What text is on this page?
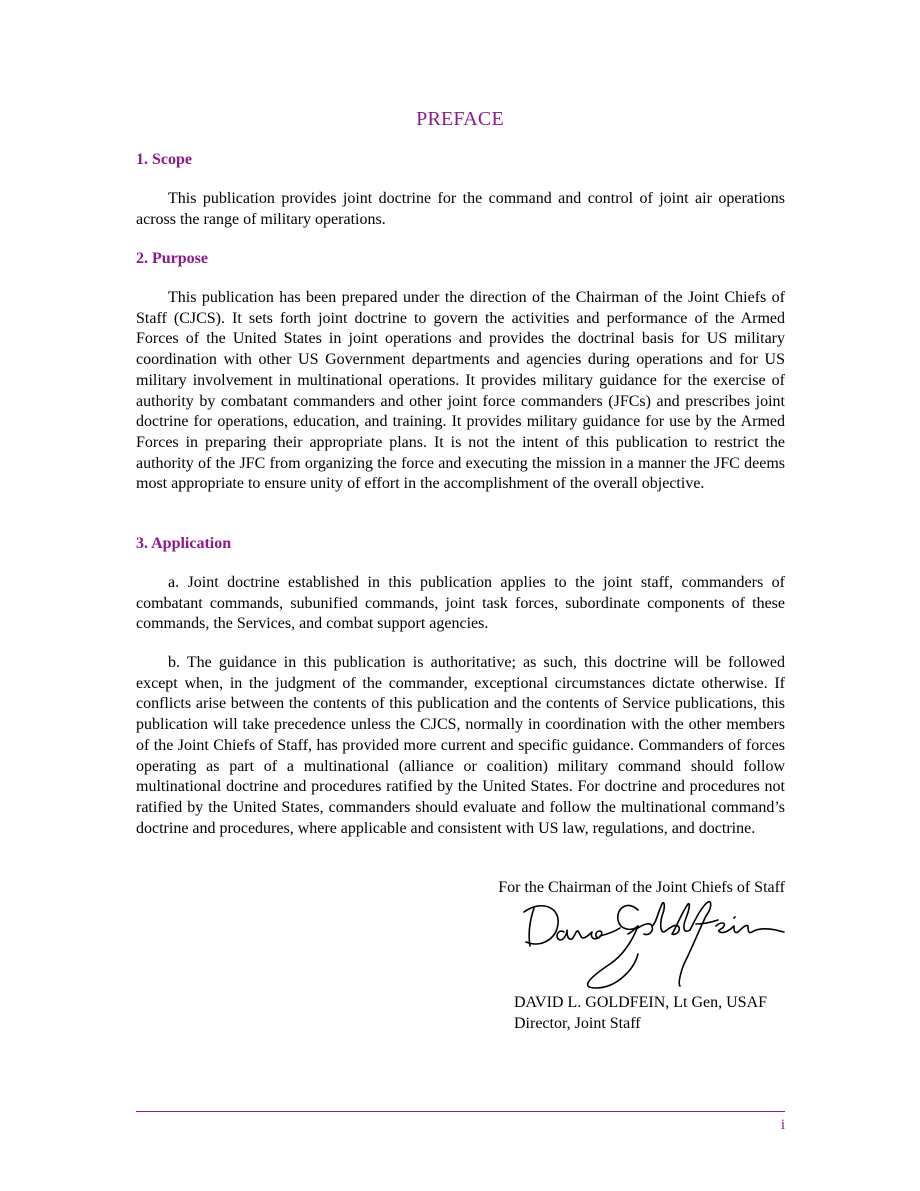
PREFACE
1. Scope

This publication provides joint doctrine for the command and control of joint air operations across the range of military operations.

2. Purpose

This publication has been prepared under the direction of the Chairman of the Joint Chiefs of Staff (CJCS). It sets forth joint doctrine to govern the activities and performance of the Armed Forces of the United States in joint operations and provides the doctrinal basis for US military coordination with other US Government departments and agencies during operations and for US military involvement in multinational operations. It provides military guidance for the exercise of authority by combatant commanders and other joint force commanders (JFCs) and prescribes joint doctrine for operations, education, and training. It provides military guidance for use by the Armed Forces in preparing their appropriate plans. It is not the intent of this publication to restrict the authority of the JFC from organizing the force and executing the mission in a manner the JFC deems most appropriate to ensure unity of effort in the accomplishment of the overall objective.

3. Application

a. Joint doctrine established in this publication applies to the joint staff, commanders of combatant commands, subunified commands, joint task forces, subordinate components of these commands, the Services, and combat support agencies.

b. The guidance in this publication is authoritative; as such, this doctrine will be followed except when, in the judgment of the commander, exceptional circumstances dictate otherwise. If conflicts arise between the contents of this publication and the contents of Service publications, this publication will take precedence unless the CJCS, normally in coordination with the other members of the Joint Chiefs of Staff, has provided more current and specific guidance. Commanders of forces operating as part of a multinational (alliance or coalition) military command should follow multinational doctrine and procedures ratified by the United States. For doctrine and procedures not ratified by the United States, commanders should evaluate and follow the multinational command’s doctrine and procedures, where applicable and consistent with US law, regulations, and doctrine.

For the Chairman of the Joint Chiefs of Staff
DAVID L. GOLDFEIN, Lt Gen, USAF
Director, Joint Staff
i
